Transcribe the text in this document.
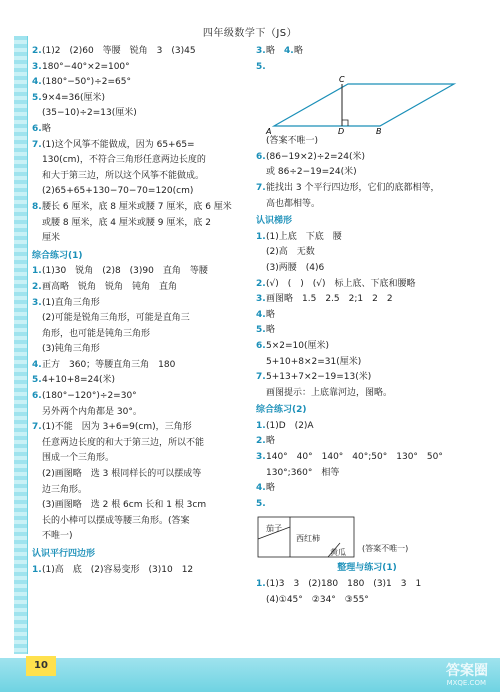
四年级数学下（JS）
2.(1)2　(2)60　等腰　锐角　3　(3)45
3.180°−40°×2=100°
4.(180°−50°)÷2=65°
5.9×4=36(厘米)
(35−10)÷2=13(厘米)
6.略
7.(1)这个风筝不能做成，因为 65+65=
130(cm)，不符合三角形任意两边长度的
和大于第三边，所以这个风筝不能做成。
(2)65+65+130−70−70=120(cm)
8.腰长 6 厘米，底 8 厘米或腰 7 厘米，底 6 厘米
或腰 8 厘米，底 4 厘米或腰 9 厘米，底 2
厘米
综合练习(1)
1.(1)30　锐角　(2)8　(3)90　直角　等腰
2.画高略　锐角　锐角　钝角　直角
3.(1)直角三角形
(2)可能是锐角三角形，可能是直角三
角形，也可能是钝角三角形
(3)钝角三角形
4.正方　360；等腰直角三角　180
5.4+10+8=24(米)
6.(180°−120°)÷2=30°
另外两个内角都是 30°。
7.(1)不能　因为 3+6=9(cm)，三角形
任意两边长度的和大于第三边，所以不能
围成一个三角形。
(2)画图略　选 3 根同样长的可以摆成等
边三角形。
(3)画图略　选 2 根 6cm 长和 1 根 3cm
长的小棒可以摆成等腰三角形。(答案
不唯一)
认识平行四边形
1.(1)高　底　(2)容易变形　(3)10　12
3.略　4.略
5.
A	B
C
D
(答案不唯一)
6.(86−19×2)÷2=24(米)
或 86÷2−19=24(米)
7.能找出 3 个平行四边形，它们的底都相等，
高也都相等。
认识梯形
1.(1)上底　下底　腰
(2)高　无数
(3)两腰　(4)6
2.(√)　(　)　(√)　标上底、下底和腰略
3.画图略　1.5　2.5　2;1　2　2
4.略
5.略
6.5×2=10(厘米)
5+10+8×2=31(厘米)
7.5+13+7×2−19=13(米)
画图提示：上底靠河边，图略。
综合练习(2)
1.(1)D　(2)A
2.略
3.140°　40°　140°　40°;50°　130°　50°
130°;360°　相等
4.略
5.
茄子
西红柿
黄瓜 (答案不唯一)
整理与练习(1)
1.(1)3　3　(2)180　180　(3)1　3　1
(4)①45°　②34°　③55°
10	答案圈
MXQE.COM
